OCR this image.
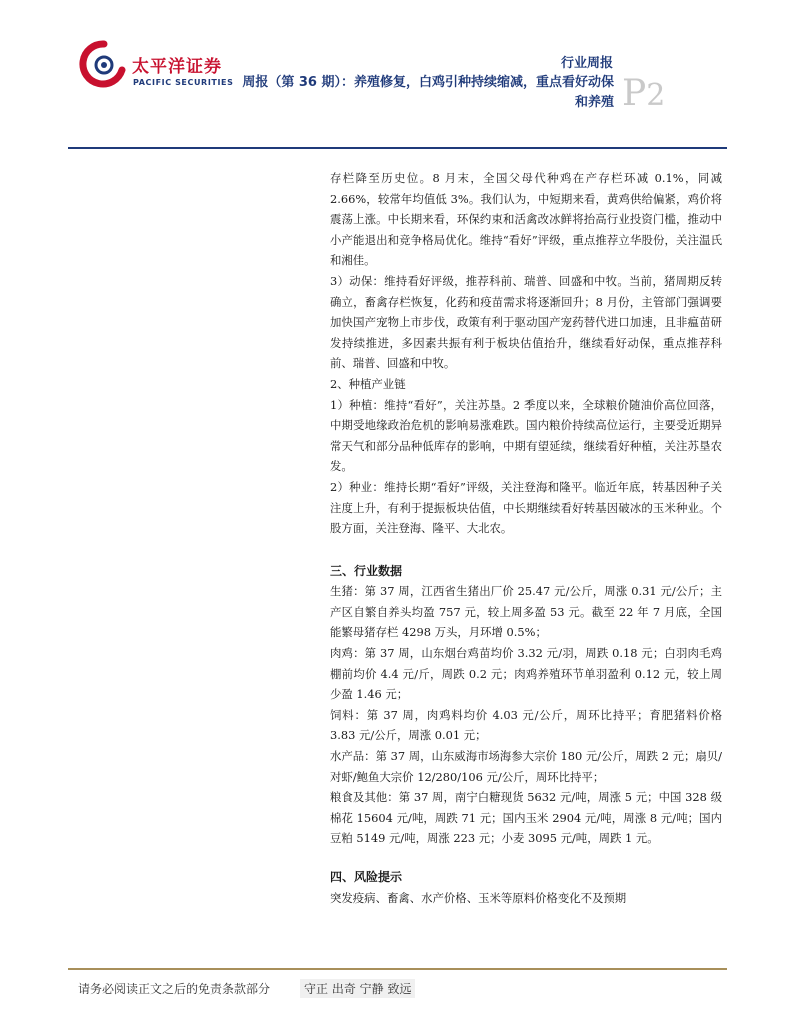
太平洋证券
PACIFIC SECURITIES
行业周报
周报（第 36 期）：养殖修复，白鸡引种持续缩减，重点看好动保
和养殖 P2

存栏降至历史位。8 月末，全国父母代种鸡在产存栏环减 0.1%，同减 2.66%，较常年均值低 3%。我们认为，中短期来看，黄鸡供给偏紧，鸡价将震荡上涨。中长期来看，环保约束和活禽改冰鲜将抬高行业投资门槛，推动中小产能退出和竞争格局优化。维持“看好”评级，重点推荐立华股份，关注温氏和湘佳。

3）动保：维持看好评级，推荐科前、瑞普、回盛和中牧。当前，猪周期反转确立，畜禽存栏恢复，化药和疫苗需求将逐渐回升；8 月份，主管部门强调要加快国产宠物上市步伐，政策有利于驱动国产宠药替代进口加速，且非瘟苗研发持续推进，多因素共振有利于板块估值抬升，继续看好动保，重点推荐科前、瑞普、回盛和中牧。

2、种植产业链

1）种植：维持“看好”，关注苏垦。2 季度以来，全球粮价随油价高位回落，中期受地缘政治危机的影响易涨难跌。国内粮价持续高位运行，主要受近期异常天气和部分品种低库存的影响，中期有望延续，继续看好种植，关注苏垦农发。

2）种业：维持长期“看好”评级，关注登海和隆平。临近年底，转基因种子关注度上升，有利于提振板块估值，中长期继续看好转基因破冰的玉米种业。个股方面，关注登海、隆平、大北农。

三、行业数据

生猪：第 37 周，江西省生猪出厂价 25.47 元/公斤，周涨 0.31 元/公斤；主产区自繁自养头均盈 757 元，较上周多盈 53 元。截至 22 年 7 月底，全国能繁母猪存栏 4298 万头，月环增 0.5%；

肉鸡：第 37 周，山东烟台鸡苗均价 3.32 元/羽，周跌 0.18 元；白羽肉毛鸡棚前均价 4.4 元/斤，周跌 0.2 元；肉鸡养殖环节单羽盈利 0.12 元，较上周少盈 1.46 元；

饲料：第 37 周，肉鸡料均价 4.03 元/公斤，周环比持平；育肥猪料价格 3.83 元/公斤，周涨 0.01 元；

水产品：第 37 周，山东威海市场海参大宗价 180 元/公斤，周跌 2 元；扇贝/对虾/鲍鱼大宗价 12/280/106 元/公斤，周环比持平；

粮食及其他：第 37 周，南宁白糖现货 5632 元/吨，周涨 5 元；中国 328 级棉花 15604 元/吨，周跌 71 元；国内玉米 2904 元/吨，周涨 8 元/吨；国内豆粕 5149 元/吨，周涨 223 元；小麦 3095 元/吨，周跌 1 元。

四、风险提示

突发疫病、畜禽、水产价格、玉米等原料价格变化不及预期

请务必阅读正文之后的免责条款部分	守正 出奇 宁静 致远
